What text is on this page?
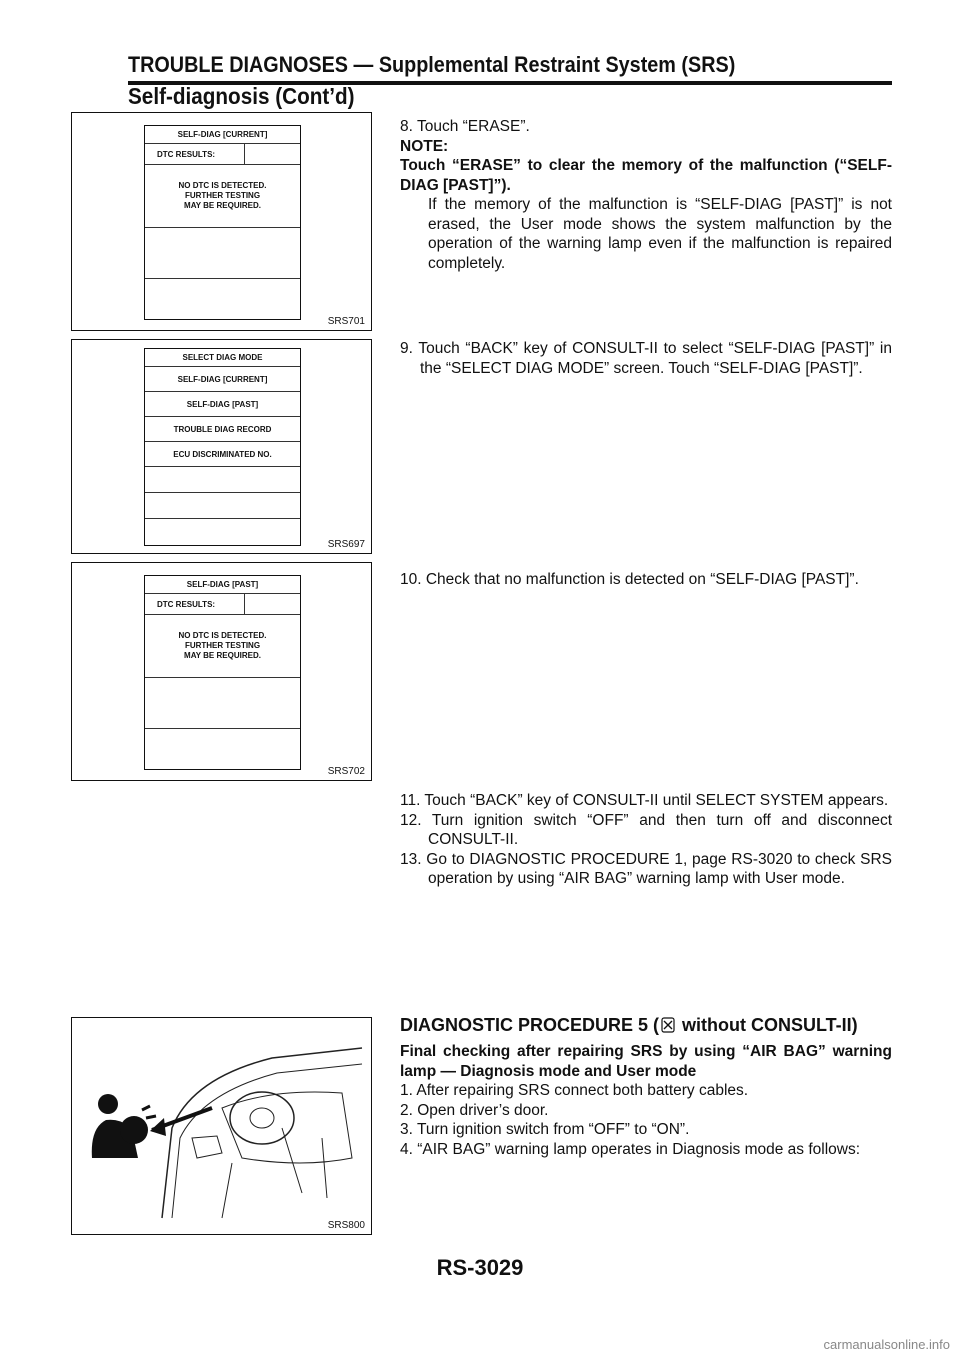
TROUBLE DIAGNOSES — Supplemental Restraint System (SRS)
Self-diagnosis (Cont’d)
SELF-DIAG [CURRENT]
DTC RESULTS:
NO DTC IS DETECTED.
FURTHER TESTING
MAY BE REQUIRED.
SRS701
SELECT DIAG MODE
SELF-DIAG [CURRENT]
SELF-DIAG [PAST]
TROUBLE DIAG RECORD
ECU DISCRIMINATED NO.
SRS697
SELF-DIAG [PAST]
DTC RESULTS:
NO DTC IS DETECTED.
FURTHER TESTING
MAY BE REQUIRED.
SRS702
SRS800

8. Touch “ERASE”.

NOTE:

Touch “ERASE” to clear the memory of the malfunction (“SELF-DIAG [PAST]”).

If the memory of the malfunction is “SELF-DIAG [PAST]” is not erased, the User mode shows the system malfunction by the operation of the warning lamp even if the malfunction is repaired completely.

9. Touch “BACK” key of CONSULT-II to select “SELF-DIAG [PAST]” in the “SELECT DIAG MODE” screen. Touch “SELF-DIAG [PAST]”.

10. Check that no malfunction is detected on “SELF-DIAG [PAST]”.

11. Touch “BACK” key of CONSULT-II until SELECT SYSTEM appears.

12. Turn ignition switch “OFF” and then turn off and disconnect CONSULT-II.

13. Go to DIAGNOSTIC PROCEDURE 1, page RS-3020 to check SRS operation by using “AIR BAG” warning lamp with User mode.

DIAGNOSTIC PROCEDURE 5 ( without CONSULT-II)

Final checking after repairing SRS by using “AIR BAG” warning lamp — Diagnosis mode and User mode

1. After repairing SRS connect both battery cables.

2. Open driver’s door.

3. Turn ignition switch from “OFF” to “ON”.

4. “AIR BAG” warning lamp operates in Diagnosis mode as follows:

RS-3029
carmanualsonline.info
